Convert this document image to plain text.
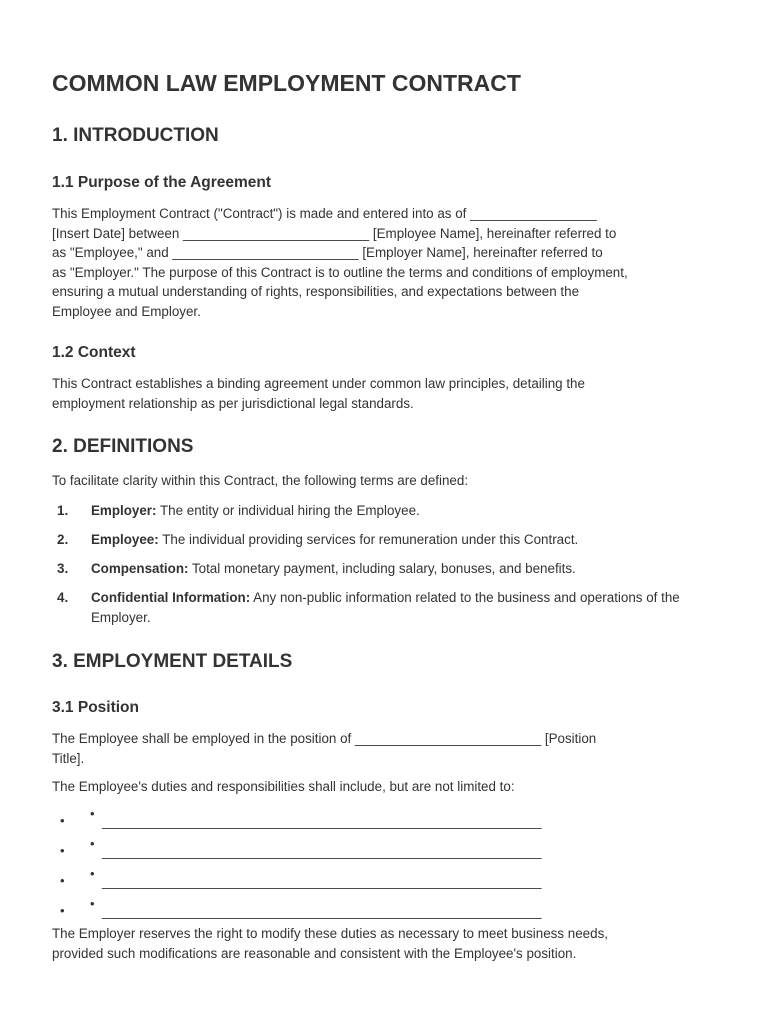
COMMON LAW EMPLOYMENT CONTRACT
1. INTRODUCTION
1.1 Purpose of the Agreement

This Employment Contract ("Contract") is made and entered into as of _________________
[Insert Date] between _________________________ [Employee Name], hereinafter referred to
as "Employee," and _________________________ [Employer Name], hereinafter referred to
as "Employer." The purpose of this Contract is to outline the terms and conditions of employment,
ensuring a mutual understanding of rights, responsibilities, and expectations between the
Employee and Employer.

1.2 Context

This Contract establishes a binding agreement under common law principles, detailing the
employment relationship as per jurisdictional legal standards.

2. DEFINITIONS

To facilitate clarity within this Contract, the following terms are defined:

1. Employer: The entity or individual hiring the Employee.
2. Employee: The individual providing services for remuneration under this Contract.
3. Compensation: Total monetary payment, including salary, bonuses, and benefits.
4. Confidential Information: Any non-public information related to the business and operations of the Employer.
3. EMPLOYMENT DETAILS
3.1 Position

The Employee shall be employed in the position of _________________________ [Position
Title].

The Employee's duties and responsibilities shall include, but are not limited to:

• •
___________________________________________________________
• •
___________________________________________________________
• •
___________________________________________________________
• •
___________________________________________________________

The Employer reserves the right to modify these duties as necessary to meet business needs,
provided such modifications are reasonable and consistent with the Employee's position.
